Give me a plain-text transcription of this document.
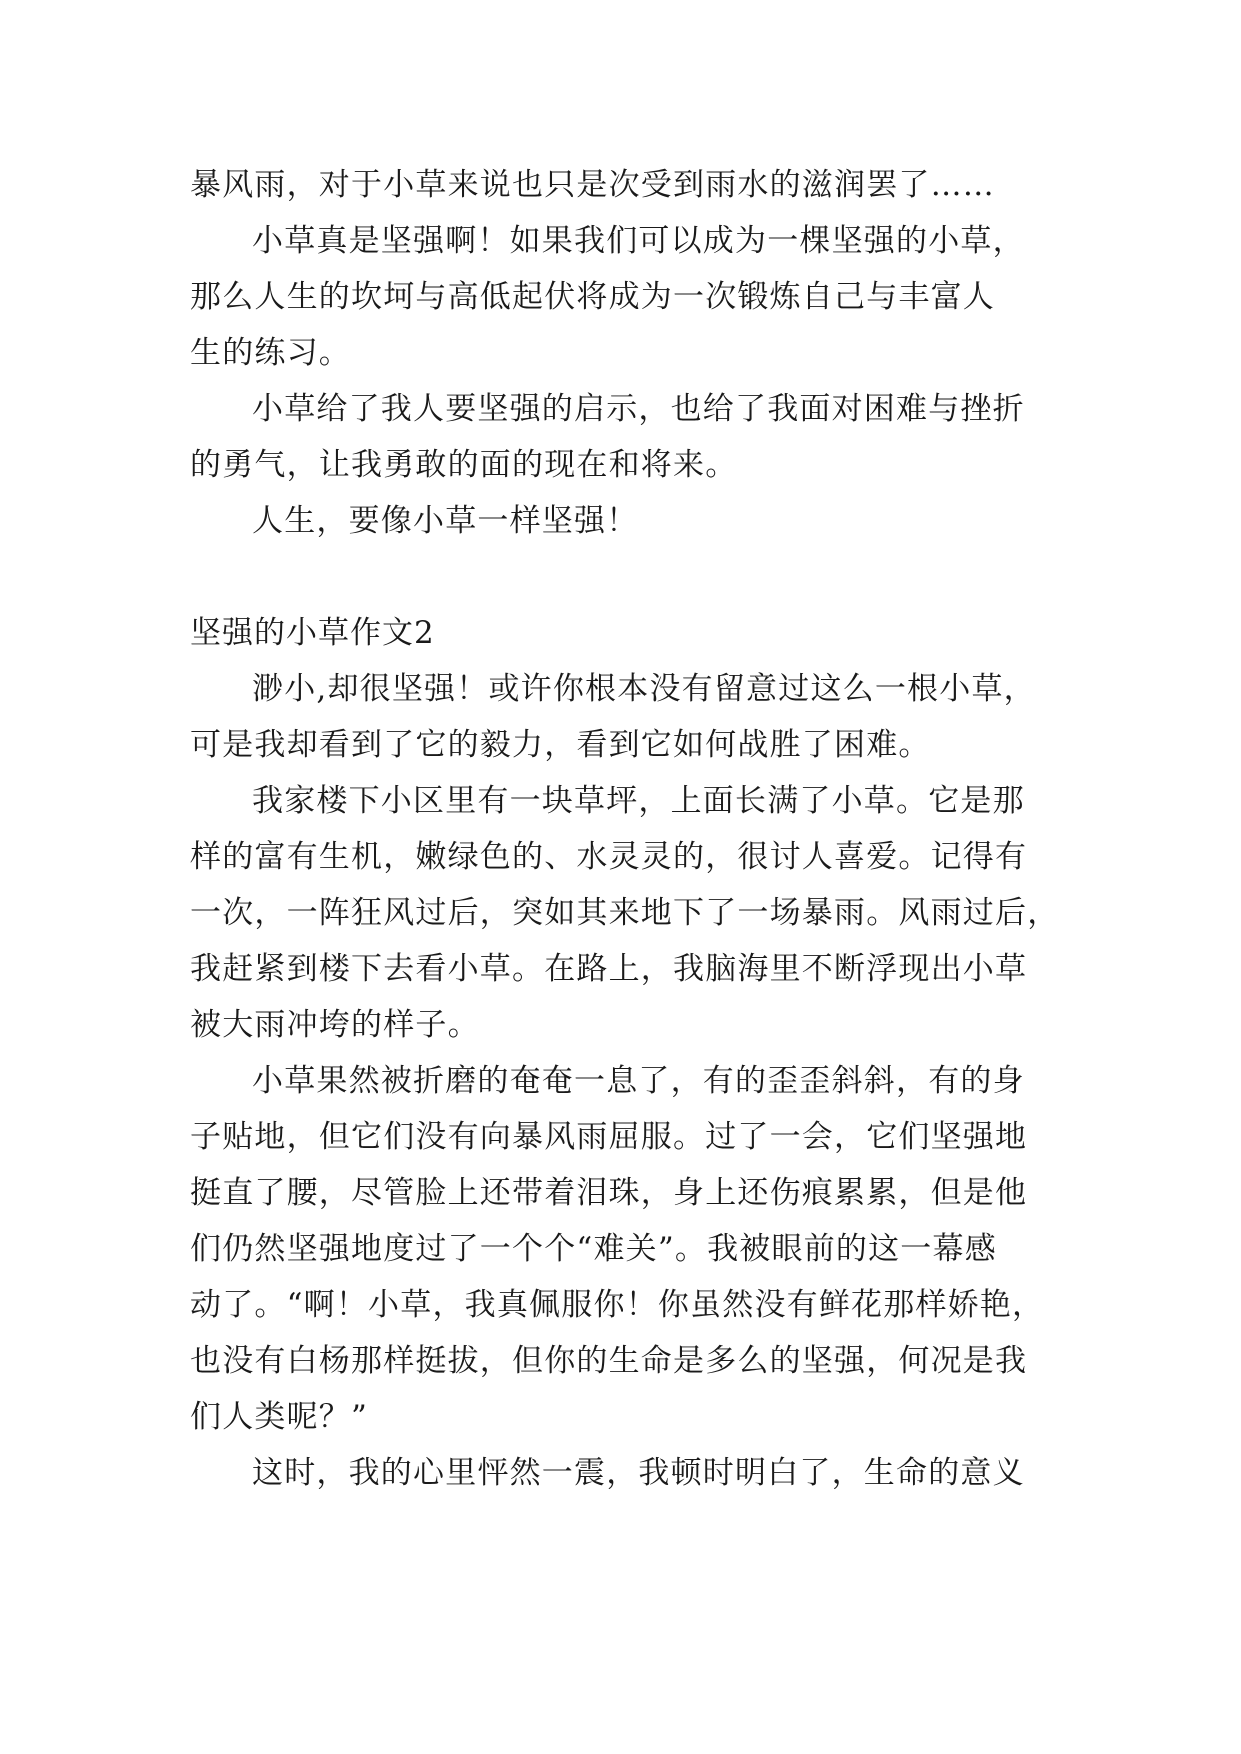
暴风雨，对于小草来说也只是次受到雨水的滋润罢了……
小草真是坚强啊！如果我们可以成为一棵坚强的小草，
那么人生的坎坷与高低起伏将成为一次锻炼自己与丰富人
生的练习。
小草给了我人要坚强的启示，也给了我面对困难与挫折
的勇气，让我勇敢的面的现在和将来。
人生，要像小草一样坚强！
坚强的小草作文2
渺小,却很坚强！或许你根本没有留意过这么一根小草，
可是我却看到了它的毅力，看到它如何战胜了困难。
我家楼下小区里有一块草坪，上面长满了小草。它是那
样的富有生机，嫩绿色的、水灵灵的，很讨人喜爱。记得有
一次，一阵狂风过后，突如其来地下了一场暴雨。风雨过后，
我赶紧到楼下去看小草。在路上，我脑海里不断浮现出小草
被大雨冲垮的样子。
小草果然被折磨的奄奄一息了，有的歪歪斜斜，有的身
子贴地，但它们没有向暴风雨屈服。过了一会，它们坚强地
挺直了腰，尽管脸上还带着泪珠，身上还伤痕累累，但是他
们仍然坚强地度过了一个个“难关”。我被眼前的这一幕感
动了。“啊！小草，我真佩服你！你虽然没有鲜花那样娇艳，
也没有白杨那样挺拔，但你的生命是多么的坚强，何况是我
们人类呢？”
这时，我的心里怦然一震，我顿时明白了，生命的意义
